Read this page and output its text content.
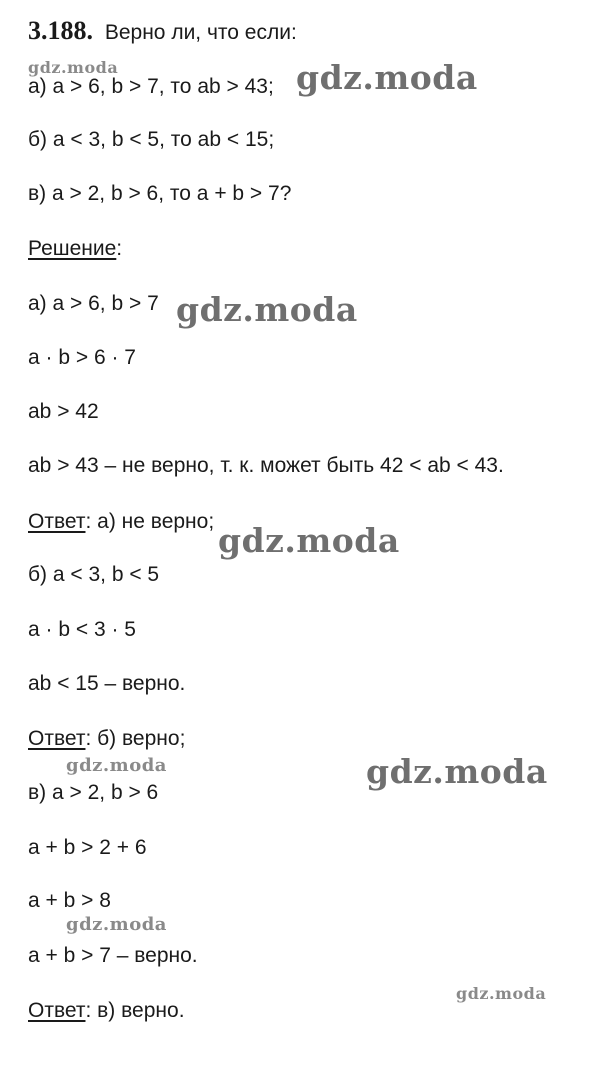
3.188. Верно ли, что если:
а) a > 6, b > 7, то ab > 43;
б) a < 3, b < 5, то ab < 15;
в) a > 2, b > 6, то a + b > 7?
Решение:
а) a > 6, b > 7
a · b > 6 · 7
ab > 42
ab > 43 – не верно, т. к. может быть 42 < ab < 43.
Ответ: а) не верно;
б) a < 3, b < 5
a · b < 3 · 5
ab < 15 – верно.
Ответ: б) верно;
в) a > 2, b > 6
a + b > 2 + 6
a + b > 8
a + b > 7 – верно.
Ответ: в) верно.
gdz.moda	gdz.moda
gdz.moda
gdz.moda
gdz.moda	gdz.moda
gdz.moda
gdz.moda
